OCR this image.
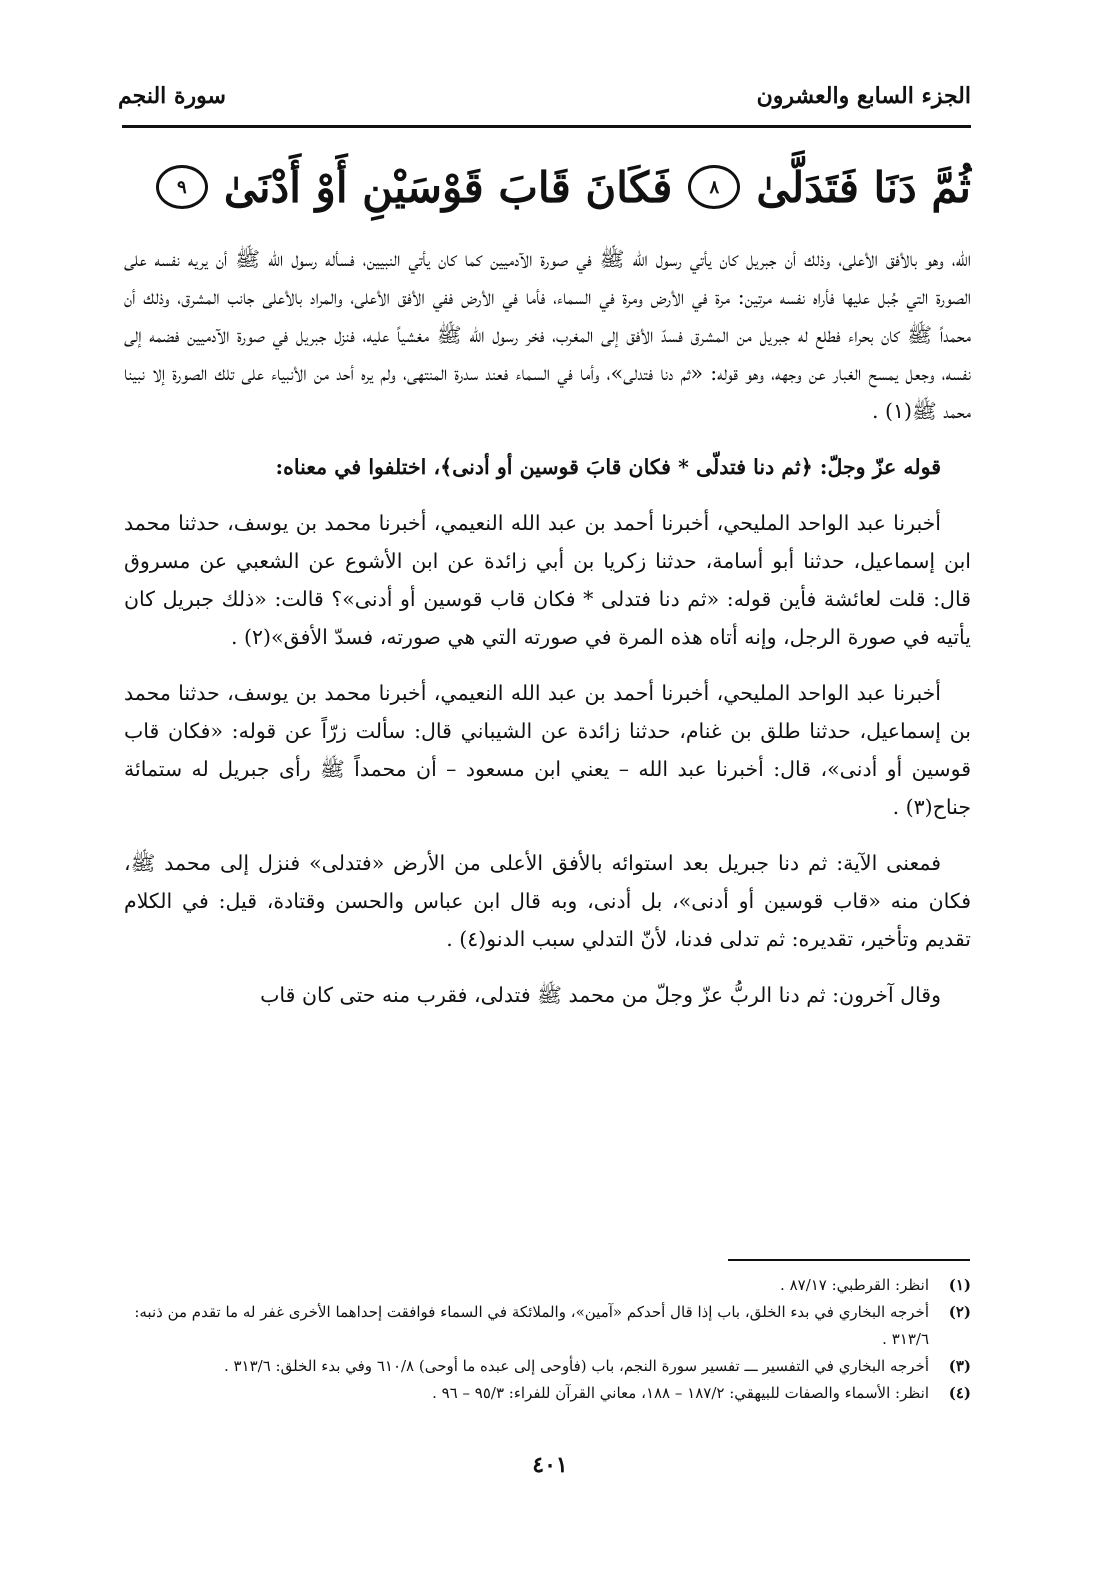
الجزء السابع والعشرون
سورة النجم
ثُمَّ دَنَا فَتَدَلَّىٰ
٨
فَكَانَ قَابَ قَوْسَيْنِ أَوْ أَدْنَىٰ
٩

الله، وهو بالأفق الأعلى، وذلك أن جبريل كان يأتي رسول الله ﷺ في صورة الآدميين كما كان يأتي النبيين، فسأله رسول الله ﷺ أن يريه نفسه على الصورة التي جُبل عليها فأراه نفسه مرتين: مرة في الأرض ومرة في السماء، فأما في الأرض ففي الأفق الأعلى، والمراد بالأعلى جانب المشرق، وذلك أن محمداً ﷺ كان بحراء فطلع له جبريل من المشرق فسدّ الأفق إلى المغرب، فخر رسول الله ﷺ مغشياً عليه، فنزل جبريل في صورة الآدميين فضمه إلى نفسه، وجعل يمسح الغبار عن وجهه، وهو قوله: «ثم دنا فتدلى»، وأما في السماء فعند سدرة المنتهى، ولم يره أحد من الأنبياء على تلك الصورة إلا نبينا محمد ﷺ(١) .

قوله عزّ وجلّ: ﴿ثم دنا فتدلّى * فكان قابَ قوسين أو أدنى﴾، اختلفوا في معناه:

أخبرنا عبد الواحد المليحي، أخبرنا أحمد بن عبد الله النعيمي، أخبرنا محمد بن يوسف، حدثنا محمد ابن إسماعيل، حدثنا أبو أسامة، حدثنا زكريا بن أبي زائدة عن ابن الأشوع عن الشعبي عن مسروق قال: قلت لعائشة فأين قوله: «ثم دنا فتدلى * فكان قاب قوسين أو أدنى»؟ قالت: «ذلك جبريل كان يأتيه في صورة الرجل، وإنه أتاه هذه المرة في صورته التي هي صورته، فسدّ الأفق»(٢) .

أخبرنا عبد الواحد المليحي، أخبرنا أحمد بن عبد الله النعيمي، أخبرنا محمد بن يوسف، حدثنا محمد بن إسماعيل، حدثنا طلق بن غنام، حدثنا زائدة عن الشيباني قال: سألت زرّاً عن قوله: «فكان قاب قوسين أو أدنى»، قال: أخبرنا عبد الله – يعني ابن مسعود – أن محمداً ﷺ رأى جبريل له ستمائة جناح(٣) .

فمعنى الآية: ثم دنا جبريل بعد استوائه بالأفق الأعلى من الأرض «فتدلى» فنزل إلى محمد ﷺ، فكان منه «قاب قوسين أو أدنى»، بل أدنى، وبه قال ابن عباس والحسن وقتادة، قيل: في الكلام تقديم وتأخير، تقديره: ثم تدلى فدنا، لأنّ التدلي سبب الدنو(٤) .

وقال آخرون: ثم دنا الربُّ عزّ وجلّ من محمد ﷺ فتدلى، فقرب منه حتى كان قاب

(١)
انظر: القرطبي: ٨٧/١٧ .
(٢)
أخرجه البخاري في بدء الخلق، باب إذا قال أحدكم «آمين»، والملائكة في السماء فوافقت إحداهما الأخرى غفر له ما تقدم من ذنبه: ٣١٣/٦ .
(٣)
أخرجه البخاري في التفسير ـــ تفسير سورة النجم، باب (فأوحى إلى عبده ما أوحى) ٦١٠/٨ وفي بدء الخلق: ٣١٣/٦ .
(٤)
انظر: الأسماء والصفات للبيهقي: ١٨٧/٢ – ١٨٨، معاني القرآن للفراء: ٩٥/٣ – ٩٦ .
٤٠١
